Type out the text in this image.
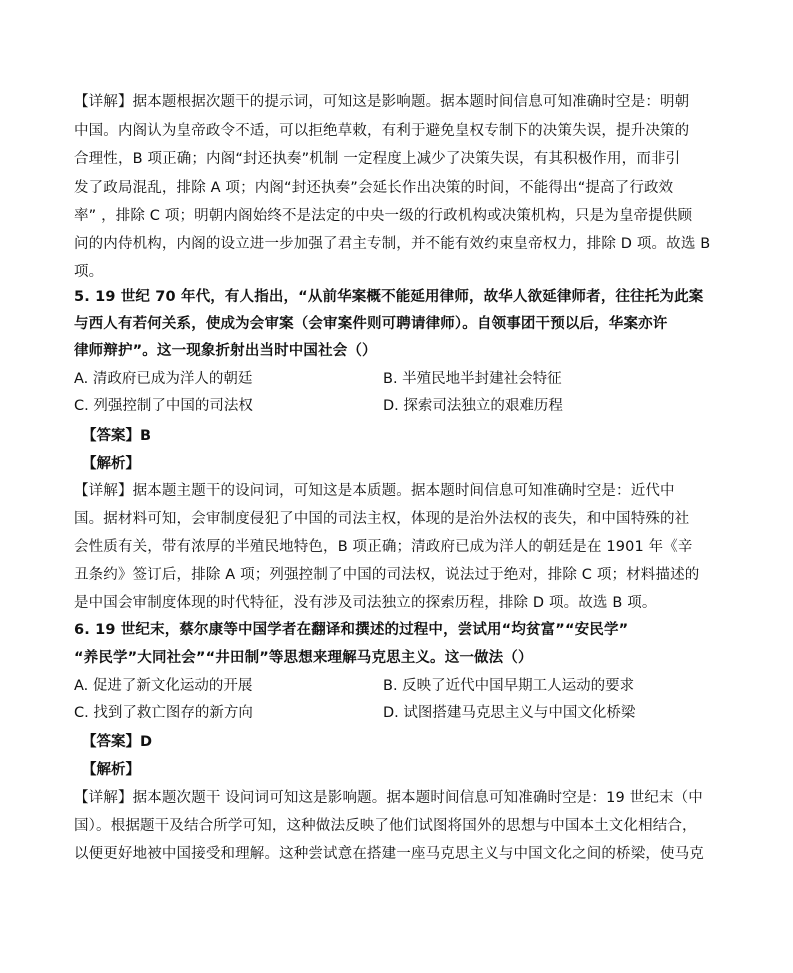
【详解】据本题根据次题干的提示词，可知这是影响题。据本题时间信息可知准确时空是：明朝
中国。内阁认为皇帝政令不适，可以拒绝草敕，有利于避免皇权专制下的决策失误，提升决策的
合理性，B 项正确；内阁“封还执奏”机制 一定程度上减少了决策失误，有其积极作用，而非引
发了政局混乱，排除 A 项；内阁“封还执奏”会延长作出决策的时间，不能得出“提高了行政效
率” ，排除 C 项；明朝内阁始终不是法定的中央一级的行政机构或决策机构，只是为皇帝提供顾
问的内侍机构，内阁的设立进一步加强了君主专制，并不能有效约束皇帝权力，排除 D 项。故选 B
项。
5. 19 世纪 70 年代，有人指出，“从前华案概不能延用律师，故华人欲延律师者，往往托为此案
与西人有若何关系，使成为会审案（会审案件则可聘请律师）。自领事团干预以后，华案亦许
律师辩护”。这一现象折射出当时中国社会（）
A. 清政府已成为洋人的朝廷	B. 半殖民地半封建社会特征
C. 列强控制了中国的司法权	D. 探索司法独立的艰难历程
【答案】B
【解析】
【详解】据本题主题干的设问词，可知这是本质题。据本题时间信息可知准确时空是：近代中
国。据材料可知，会审制度侵犯了中国的司法主权，体现的是治外法权的丧失，和中国特殊的社
会性质有关，带有浓厚的半殖民地特色，B 项正确；清政府已成为洋人的朝廷是在 1901 年《辛
丑条约》签订后，排除 A 项；列强控制了中国的司法权，说法过于绝对，排除 C 项；材料描述的
是中国会审制度体现的时代特征，没有涉及司法独立的探索历程，排除 D 项。故选 B 项。
6. 19 世纪末，蔡尔康等中国学者在翻译和撰述的过程中，尝试用“均贫富”“安民学”
“养民学”大同社会”“井田制”等思想来理解马克思主义。这一做法（）
A. 促进了新文化运动的开展	B. 反映了近代中国早期工人运动的要求
C. 找到了救亡图存的新方向	D. 试图搭建马克思主义与中国文化桥梁
【答案】D
【解析】
【详解】据本题次题干 设问词可知这是影响题。据本题时间信息可知准确时空是：19 世纪末（中
国）。根据题干及结合所学可知，这种做法反映了他们试图将国外的思想与中国本土文化相结合，
以便更好地被中国接受和理解。这种尝试意在搭建一座马克思主义与中国文化之间的桥梁，使马克
